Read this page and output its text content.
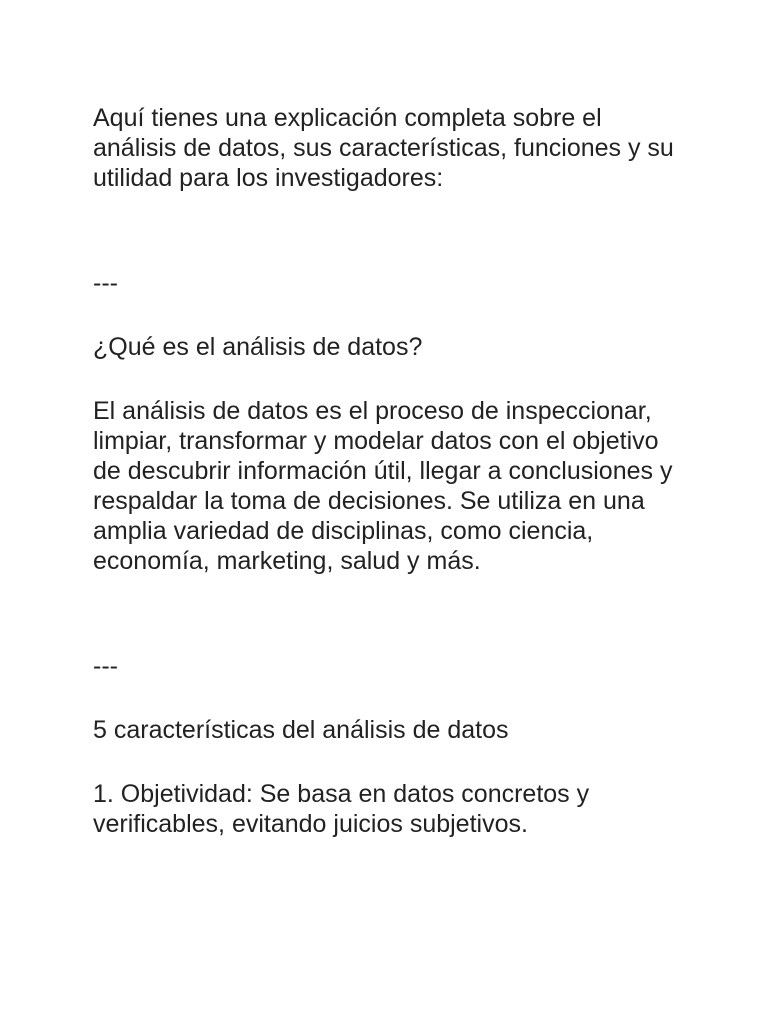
Aquí tienes una explicación completa sobre el análisis de datos, sus características, funciones y su utilidad para los investigadores:

---

¿Qué es el análisis de datos?

El análisis de datos es el proceso de inspeccionar, limpiar, transformar y modelar datos con el objetivo de descubrir información útil, llegar a conclusiones y respaldar la toma de decisiones. Se utiliza en una amplia variedad de disciplinas, como ciencia, economía, marketing, salud y más.

---

5 características del análisis de datos

1. Objetividad: Se basa en datos concretos y verificables, evitando juicios subjetivos.
